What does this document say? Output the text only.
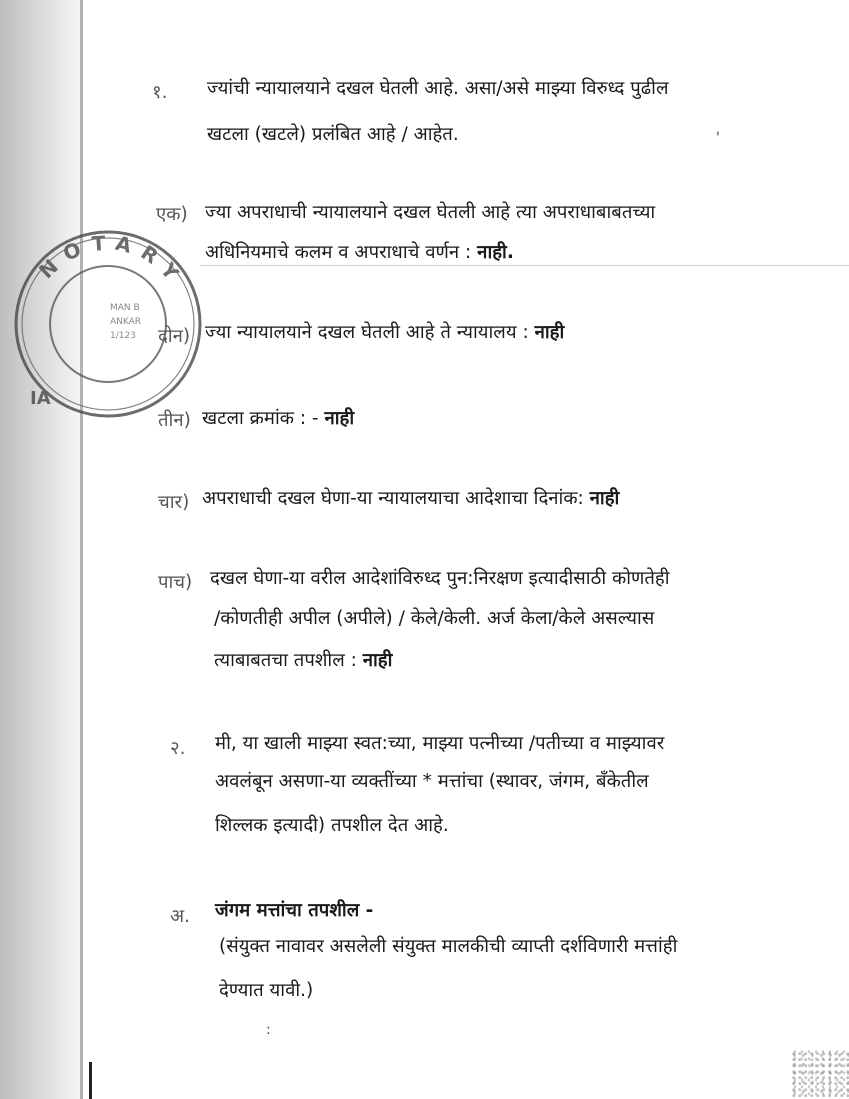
NOTARY
IA
MAN B
ANKAR
1/123
१. ज्यांची न्यायालयाने दखल घेतली आहे. असा/असे माझ्या विरुध्द पुढील
खटला (खटले) प्रलंबित आहे / आहेत.	'
एक) ज्या अपराधाची न्यायालयाने दखल घेतली आहे त्या अपराधाबाबतच्या
अधिनियमाचे कलम व अपराधाचे वर्णन : नाही.
दोन) ज्या न्यायालयाने दखल घेतली आहे ते न्यायालय : नाही
तीन) खटला क्रमांक : - नाही
चार) अपराधाची दखल घेणा-या न्यायालयाचा आदेशाचा दिनांक: नाही
पाच) दखल घेणा-या वरील आदेशांविरुध्द पुन:निरक्षण इत्यादीसाठी कोणतेही
/कोणतीही अपील (अपीले) / केले/केली. अर्ज केला/केले असल्यास
त्याबाबतचा तपशील : नाही
२. मी, या खाली माझ्या स्वत:च्या, माझ्या पत्नीच्या /पतीच्या व माझ्यावर
अवलंबून असणा-या व्यक्तींच्या * मत्तांचा (स्थावर, जंगम, बॅंकेतील
शिल्लक इत्यादी) तपशील देत आहे.
अ. जंगम मत्तांचा तपशील -
(संयुक्त नावावर असलेली संयुक्त मालकीची व्याप्ती दर्शविणारी मत्तांही
देण्यात यावी.)
:
